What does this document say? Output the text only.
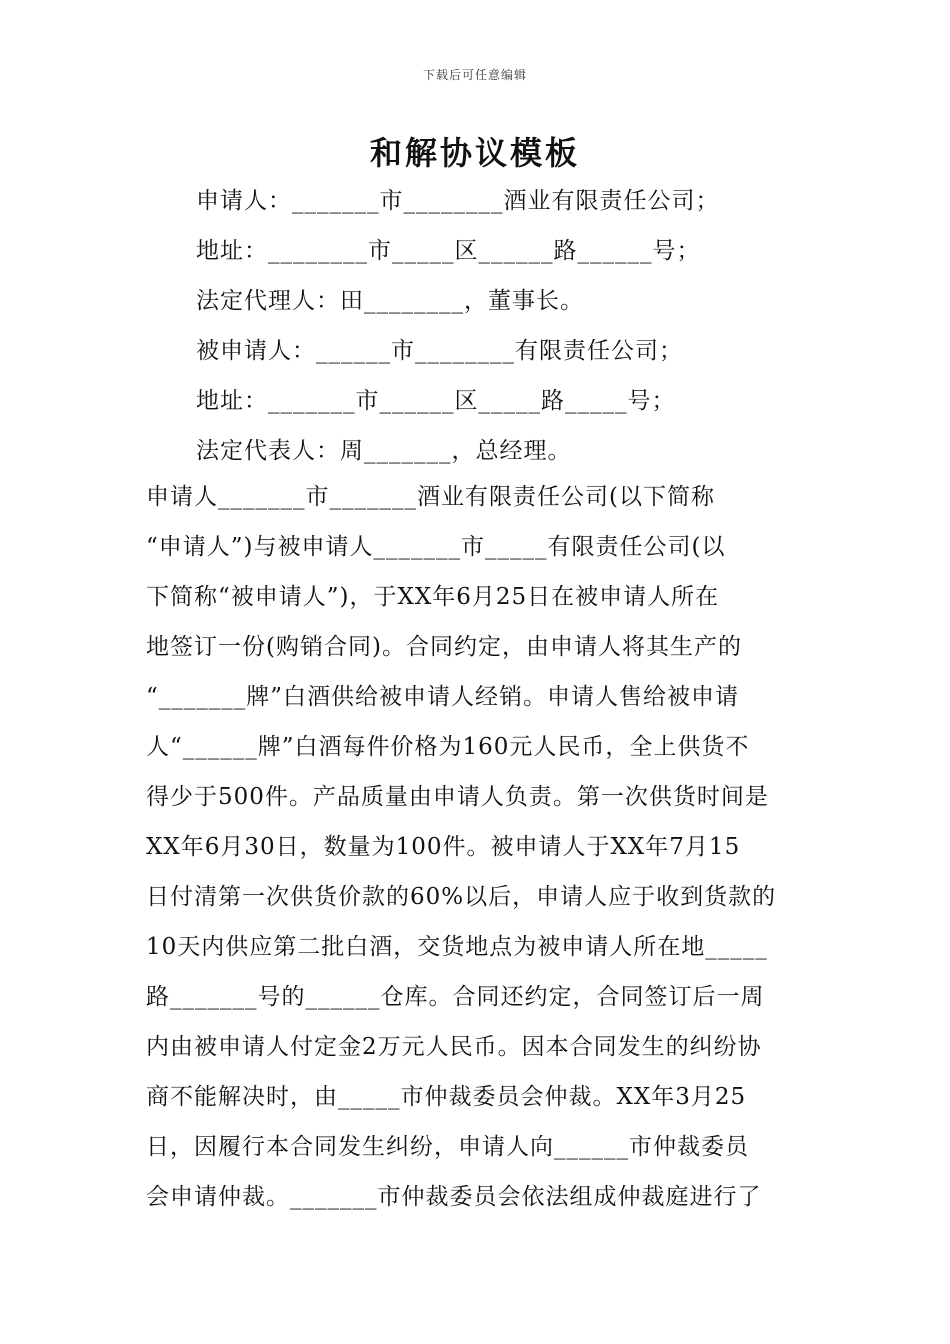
下载后可任意编辑
和解协议模板
申请人：_______市________酒业有限责任公司；
地址：________市_____区______路______号；
法定代理人：田________，董事长。
被申请人：______市________有限责任公司；
地址：_______市______区_____路_____号；
法定代表人：周_______，总经理。
申请人_______市_______酒业有限责任公司(以下简称
“申请人”)与被申请人_______市_____有限责任公司(以
下简称“被申请人”)，于XX年6月25日在被申请人所在
地签订一份(购销合同)。合同约定，由申请人将其生产的
“_______牌”白酒供给被申请人经销。申请人售给被申请
人“______牌”白酒每件价格为160元人民币，全上供货不
得少于500件。产品质量由申请人负责。第一次供货时间是
XX年6月30日，数量为100件。被申请人于XX年7月15
日付清第一次供货价款的60%以后，申请人应于收到货款的
10天内供应第二批白酒，交货地点为被申请人所在地_____
路_______号的______仓库。合同还约定，合同签订后一周
内由被申请人付定金2万元人民币。因本合同发生的纠纷协
商不能解决时，由_____市仲裁委员会仲裁。XX年3月25
日，因履行本合同发生纠纷，申请人向______市仲裁委员
会申请仲裁。_______市仲裁委员会依法组成仲裁庭进行了
